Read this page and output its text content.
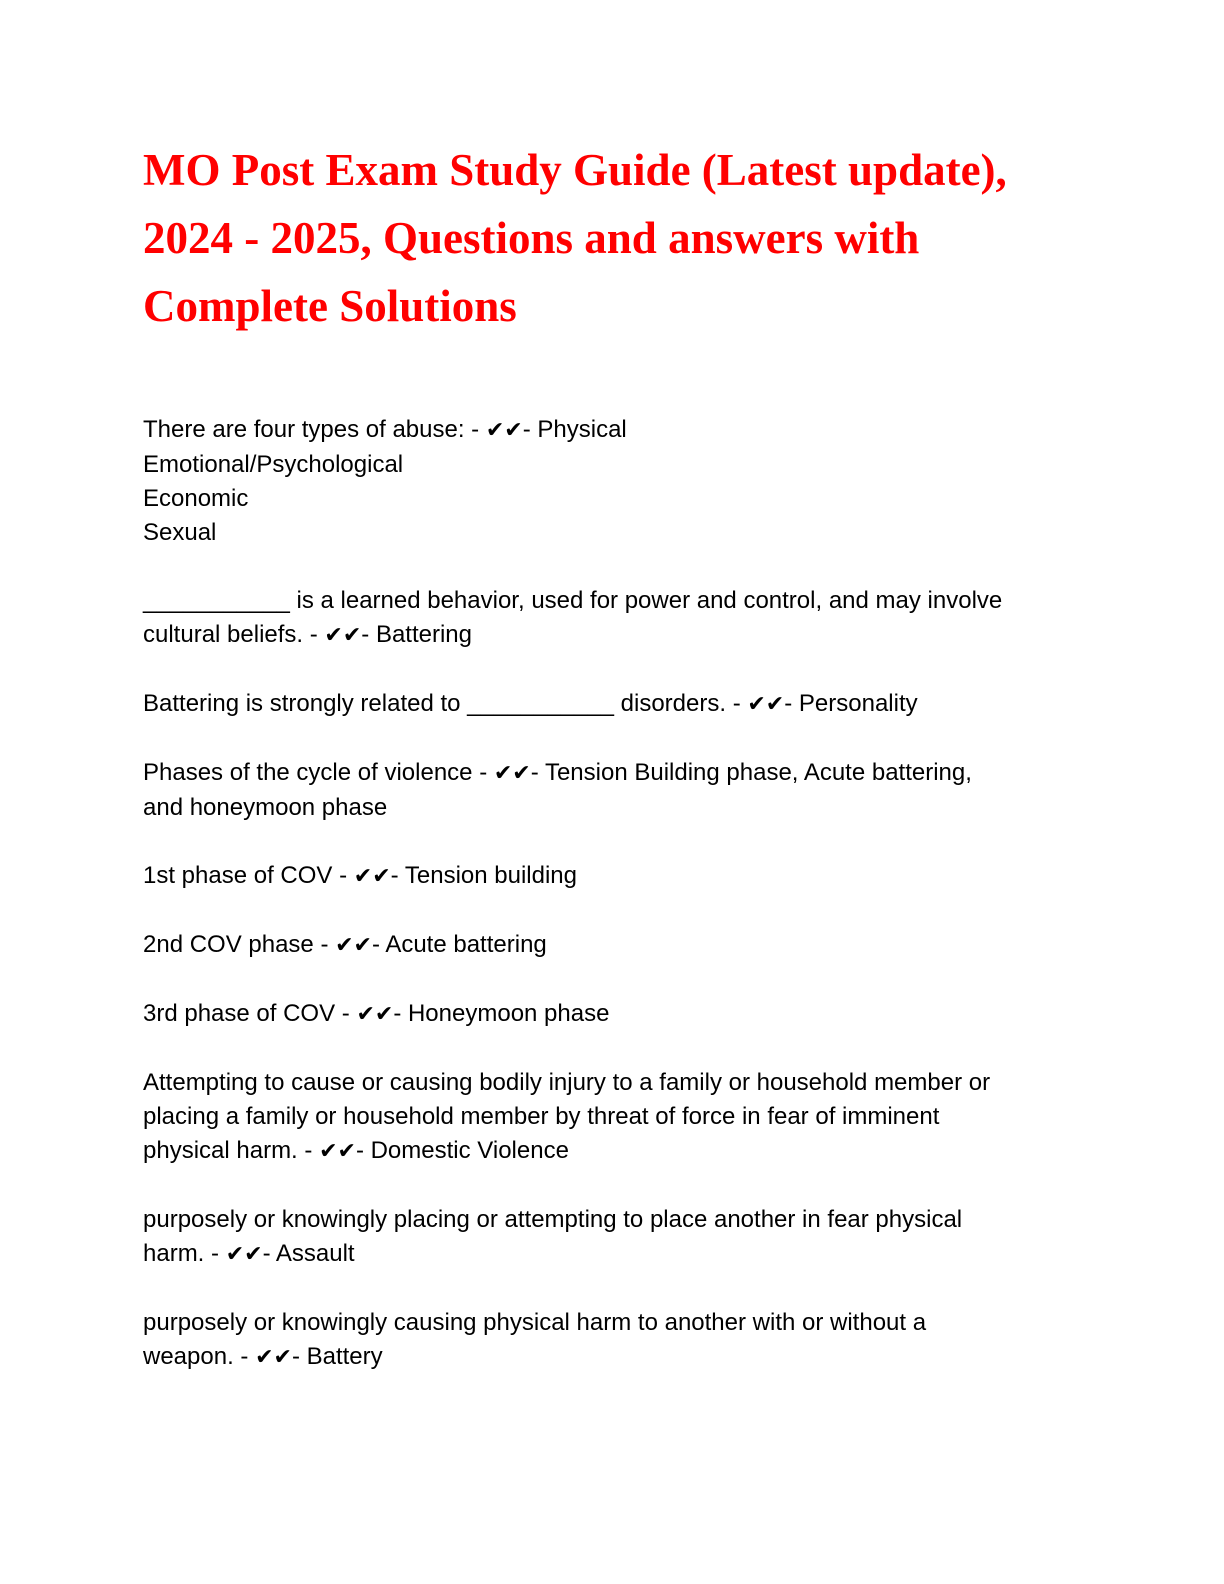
MO Post Exam Study Guide (Latest update),
2024 - 2025, Questions and answers with
Complete Solutions
There are four types of abuse: - ✔✔- Physical
Emotional/Psychological
Economic
Sexual
___________ is a learned behavior, used for power and control, and may involve
cultural beliefs. - ✔✔- Battering
Battering is strongly related to ___________ disorders. - ✔✔- Personality
Phases of the cycle of violence - ✔✔- Tension Building phase, Acute battering,
and honeymoon phase
1st phase of COV - ✔✔- Tension building
2nd COV phase - ✔✔- Acute battering
3rd phase of COV - ✔✔- Honeymoon phase
Attempting to cause or causing bodily injury to a family or household member or
placing a family or household member by threat of force in fear of imminent
physical harm. - ✔✔- Domestic Violence
purposely or knowingly placing or attempting to place another in fear physical
harm. - ✔✔- Assault
purposely or knowingly causing physical harm to another with or without a
weapon. - ✔✔- Battery
